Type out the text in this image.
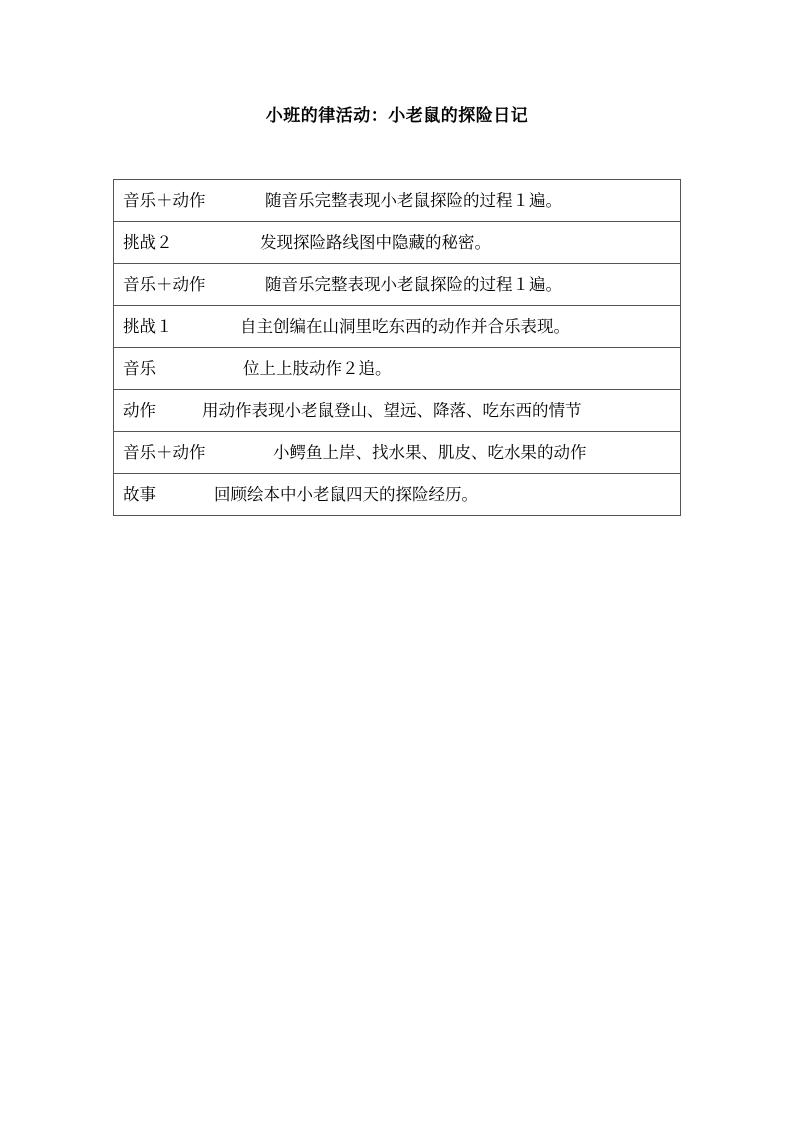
小班的律活动：小老鼠的探险日记
音乐＋动作	随音乐完整表现小老鼠探险的过程１遍。
挑战２	发现探险路线图中隐藏的秘密。
音乐＋动作	随音乐完整表现小老鼠探险的过程１遍。
挑战１	自主创编在山洞里吃东西的动作并合乐表现。
音乐	位上上肢动作２追。
动作	用动作表现小老鼠登山、望远、降落、吃东西的情节
音乐＋动作	小鳄鱼上岸、找水果、肌皮、吃水果的动作
故事	回顾绘本中小老鼠四天的探险经历。
